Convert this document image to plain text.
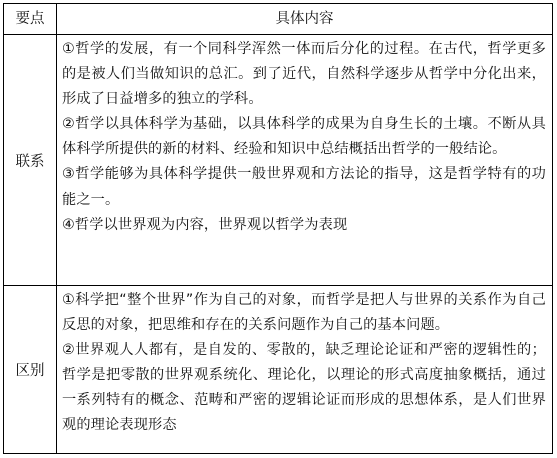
要点	具体内容
联系

①哲学的发展，有一个同科学浑然一体而后分化的过程。在古代，哲学更多的是被人们当做知识的总汇。到了近代，自然科学逐步从哲学中分化出来，形成了日益增多的独立的学科。

②哲学以具体科学为基础，以具体科学的成果为自身生长的土壤。不断从具体科学所提供的新的材料、经验和知识中总结概括出哲学的一般结论。

③哲学能够为具体科学提供一般世界观和方法论的指导，这是哲学特有的功能之一。

④哲学以世界观为内容，世界观以哲学为表现

区别

①科学把“整个世界”作为自己的对象，而哲学是把人与世界的关系作为自己反思的对象，把思维和存在的关系问题作为自己的基本问题。

②世界观人人都有，是自发的、零散的，缺乏理论论证和严密的逻辑性的；哲学是把零散的世界观系统化、理论化，以理论的形式高度抽象概括，通过一系列特有的概念、范畴和严密的逻辑论证而形成的思想体系，是人们世界观的理论表现形态
